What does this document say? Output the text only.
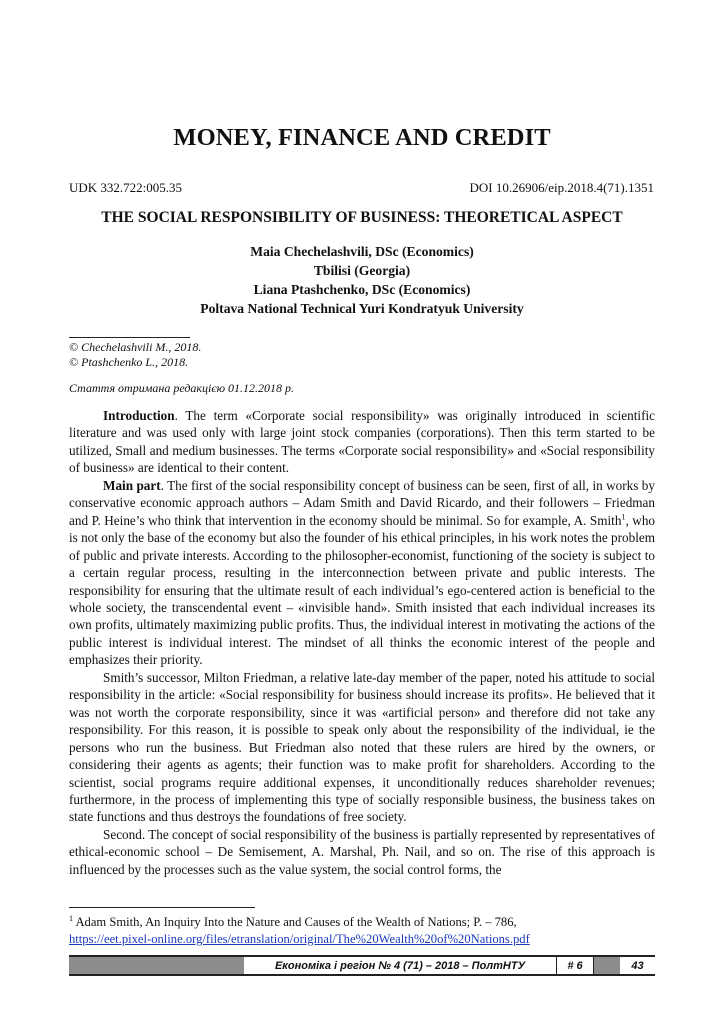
MONEY, FINANCE AND CREDIT
UDK 332.722:005.35	DOI 10.26906/eip.2018.4(71).1351
THE SOCIAL RESPONSIBILITY OF BUSINESS: THEORETICAL ASPECT
Maia Chechelashvili, DSc (Economics)
Tbilisi (Georgia)
Liana Ptashchenko, DSc (Economics)
Poltava National Technical Yuri Kondratyuk University
© Chechelashvili M., 2018.
© Ptashchenko L., 2018.
Стаття отримана редакцією 01.12.2018 р.

Introduction. The term «Corporate social responsibility» was originally introduced in scientific literature and was used only with large joint stock companies (corporations). Then this term started to be utilized, Small and medium businesses. The terms «Corporate social responsibility» and «Social responsibility of business» are identical to their content.

Main part. The first of the social responsibility concept of business can be seen, first of all, in works by conservative economic approach authors – Adam Smith and David Ricardo, and their followers – Friedman and P. Heine’s who think that intervention in the economy should be minimal. So for example, A. Smith$^1$, who is not only the base of the economy but also the founder of his ethical principles, in his work notes the problem of public and private interests. According to the philosopher-economist, functioning of the society is subject to a certain regular process, resulting in the interconnection between private and public interests. The responsibility for ensuring that the ultimate result of each individual’s ego-centered action is beneficial to the whole society, the transcendental event – «invisible hand». Smith insisted that each individual increases its own profits, ultimately maximizing public profits. Thus, the individual interest in motivating the actions of the public interest is individual interest. The mindset of all thinks the economic interest of the people and emphasizes their priority.

Smith’s successor, Milton Friedman, a relative late-day member of the paper, noted his attitude to social responsibility in the article: «Social responsibility for business should increase its profits». He believed that it was not worth the corporate responsibility, since it was «artificial person» and therefore did not take any responsibility. For this reason, it is possible to speak only about the responsibility of the individual, ie the persons who run the business. But Friedman also noted that these rulers are hired by the owners, or considering their agents as agents; their function was to make profit for shareholders. According to the scientist, social programs require additional expenses, it unconditionally reduces shareholder revenues; furthermore, in the process of implementing this type of socially responsible business, the business takes on state functions and thus destroys the foundations of free society.

Second. The concept of social responsibility of the business is partially represented by representatives of ethical-economic school – De Semisement, A. Marshal, Ph. Nail, and so on. The rise of this approach is influenced by the processes such as the value system, the social control forms, the

$^1$ Adam Smith, An Inquiry Into the Nature and Causes of the Wealth of Nations; P. – 786,
https://eet.pixel-online.org/files/etranslation/original/The%20Wealth%20of%20Nations.pdf
Економіка і регіон № 4 (71) – 2018 – ПолтНТУ	# 6	43
